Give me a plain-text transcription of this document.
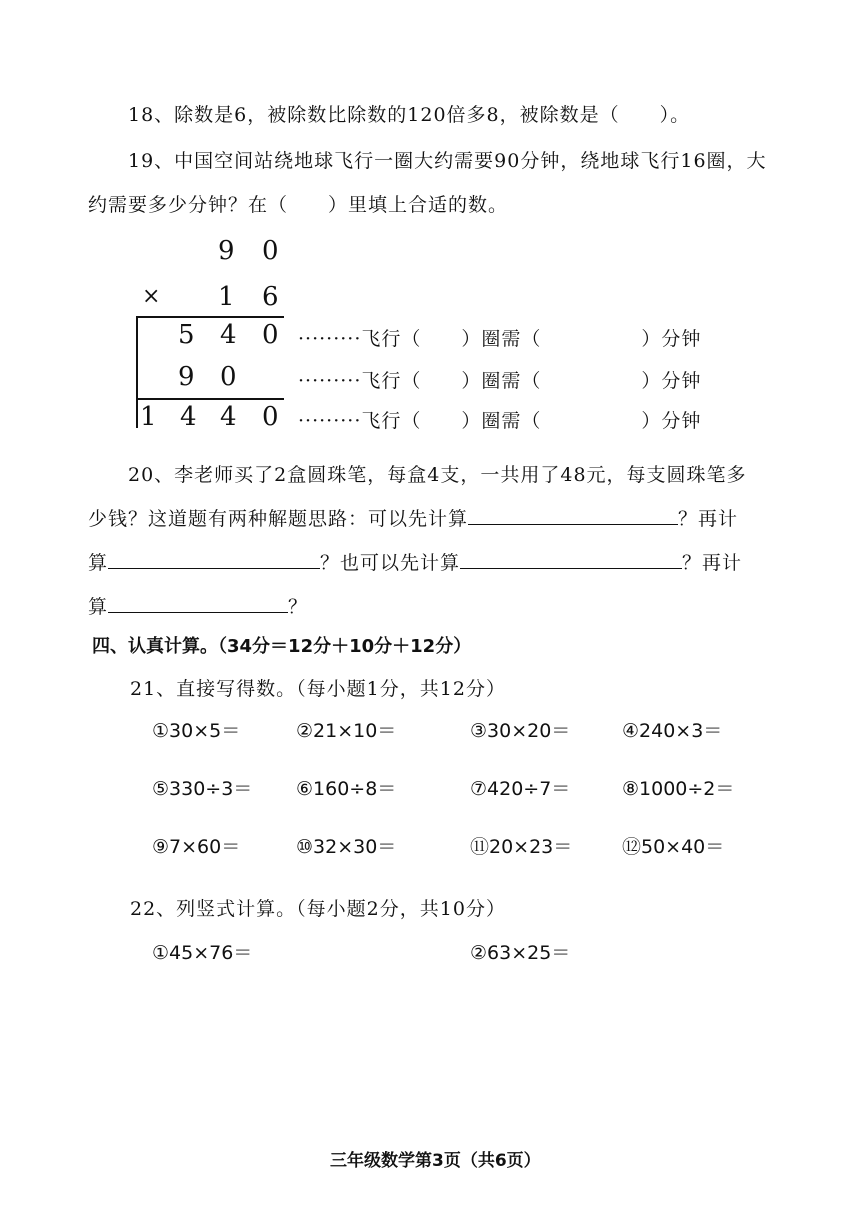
18、除数是6，被除数比除数的120倍多8，被除数是（　　）。
19、中国空间站绕地球飞行一圈大约需要90分钟，绕地球飞行16圈，大
约需要多少分钟？在（　　）里填上合适的数。
9 0
× 1 6
5 4 0
9 0
1 4 4 0
·········飞行（　　）圈需（　　　　　）分钟
·········飞行（　　）圈需（　　　　　）分钟
·········飞行（　　）圈需（　　　　　）分钟
20、李老师买了2盒圆珠笔，每盒4支，一共用了48元，每支圆珠笔多
少钱？这道题有两种解题思路：可以先计算	？再计
算	？也可以先计算	？再计
算	？
四、认真计算。（34分＝12分＋10分＋12分）
21、直接写得数。（每小题1分，共12分）
①30×5＝	②21×10＝	③30×20＝	④240×3＝
⑤330÷3＝ ⑥160÷8＝	⑦420÷7＝	⑧1000÷2＝
⑨7×60＝	⑩32×30＝	⑪20×23＝	⑫50×40＝
22、列竖式计算。（每小题2分，共10分）
①45×76＝	②63×25＝
三年级数学第3页（共6页）
